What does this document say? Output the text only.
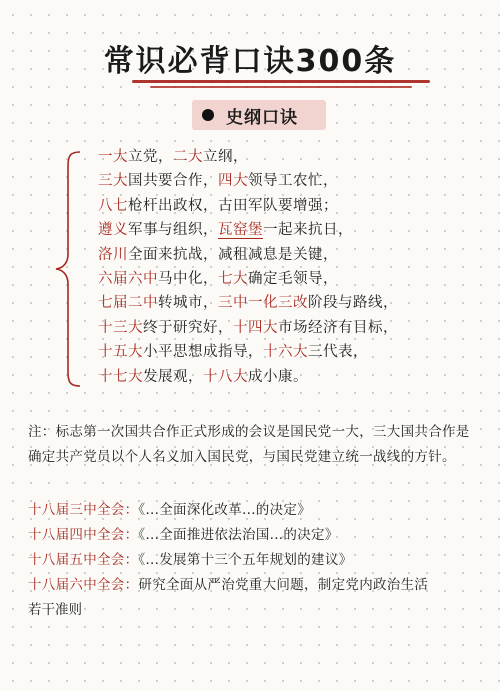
常识必背口诀300条
史纲口诀
一大立党，二大立纲，
三大国共要合作，四大领导工农忙，
八七枪杆出政权，古田军队要增强；
遵义军事与组织，瓦窑堡一起来抗日，
洛川全面来抗战，减租减息是关键，
六届六中马中化，七大确定毛领导，
七届二中转城市，三中一化三改阶段与路线，
十三大终于研究好，十四大市场经济有目标，
十五大小平思想成指导，十六大三代表，
十七大发展观，十八大成小康。
注：标志第一次国共合作正式形成的会议是国民党一大，三大国共合作是确定共产党员以个人名义加入国民党，与国民党建立统一战线的方针。
十八届三中全会：《...全面深化改革...的决定》
十八届四中全会：《...全面推进依法治国...的决定》
十八届五中全会：《...发展第十三个五年规划的建议》
十八届六中全会：研究全面从严治党重大问题，制定党内政治生活
若干准则
